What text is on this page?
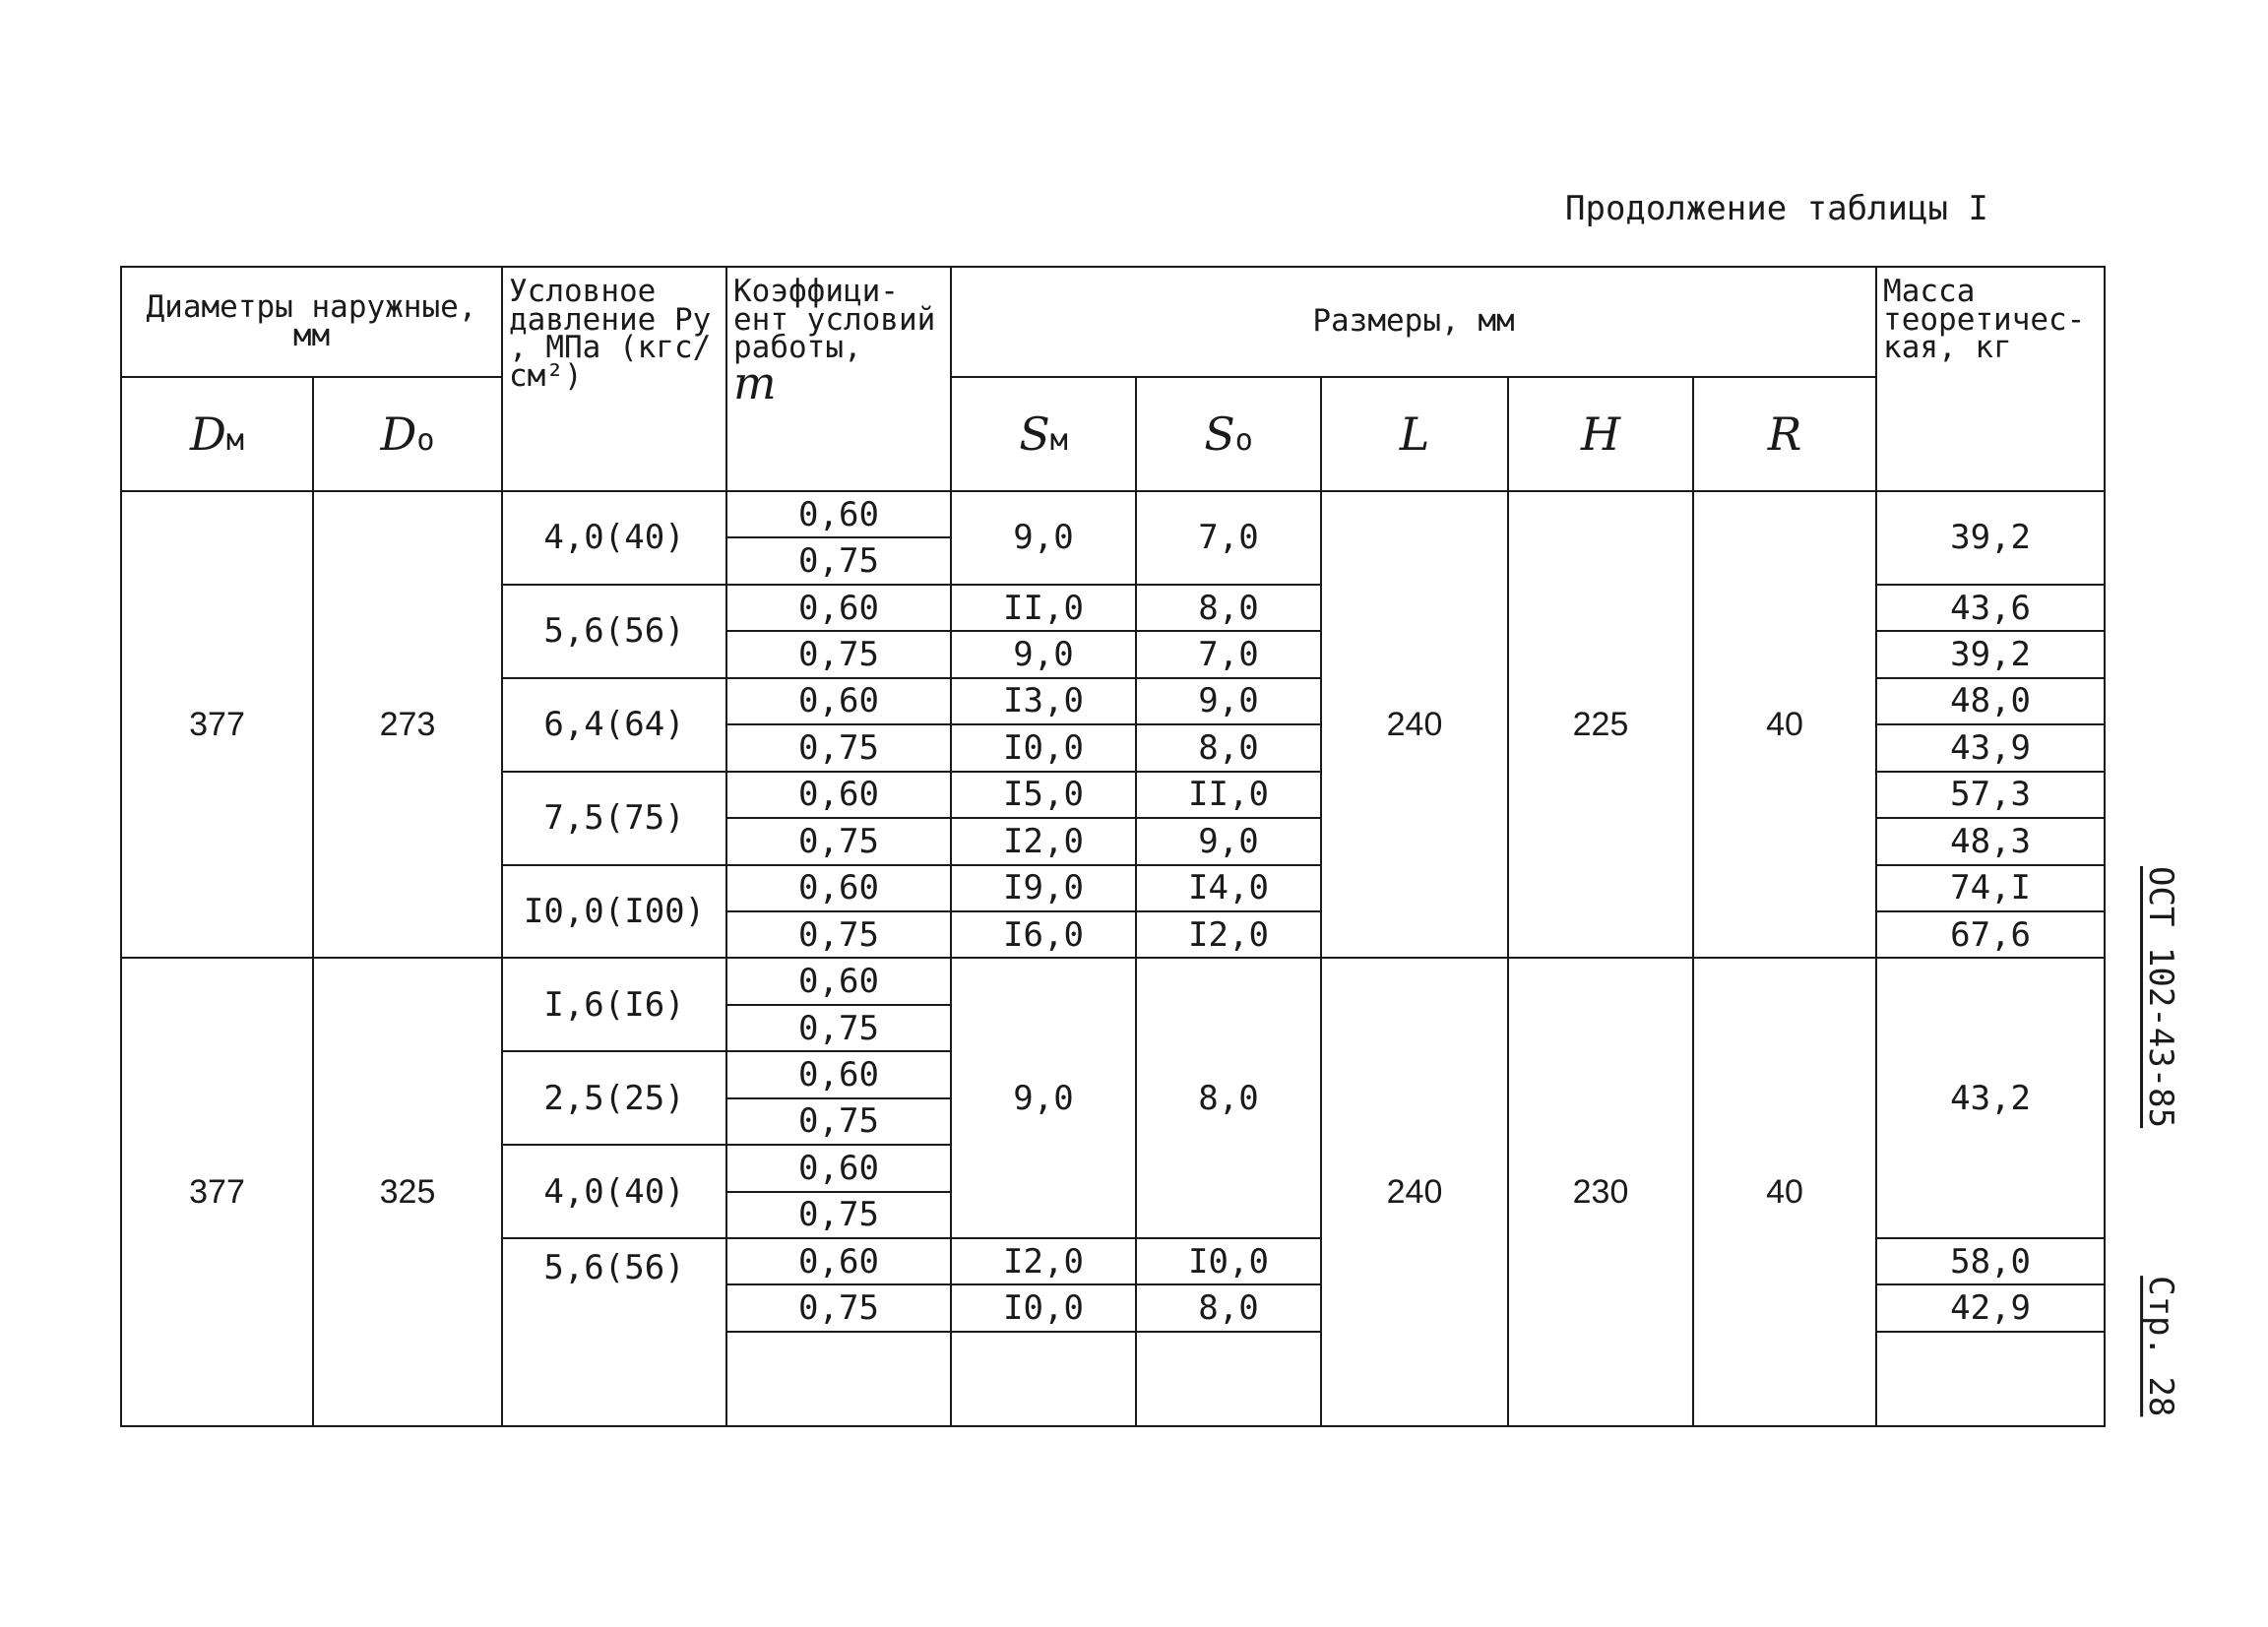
Продолжение таблицы I
ОСТ 102-43-85Стр. 28
Диаметры наружные, мм		Условное давление Py , МПа (кгс/см²)	Коэффици- ент условий работы,
m	Размеры, мм					Масса теоретичес- кая, кг
Dм	Dо			Sм	Sо	L	H	R	
377	273	4,0(40)	0,60	9,0	7,0	240	225	40	39,2
			0,75						
		5,6(56)	0,60	II,0	8,0				43,6
			0,75	9,0	7,0				39,2
		6,4(64)	0,60	I3,0	9,0				48,0
			0,75	I0,0	8,0				43,9
		7,5(75)	0,60	I5,0	II,0				57,3
			0,75	I2,0	9,0				48,3
		I0,0(I00)	0,60	I9,0	I4,0				74,I
			0,75	I6,0	I2,0				67,6
377	325	I,6(I6)	0,60	9,0	8,0	240	230	40	43,2
			0,75						
		2,5(25)	0,60						
			0,75						
		4,0(40)	0,60						
			0,75						
		5,6(56)	0,60	I2,0	I0,0				58,0
			0,75	I0,0	8,0				42,9
